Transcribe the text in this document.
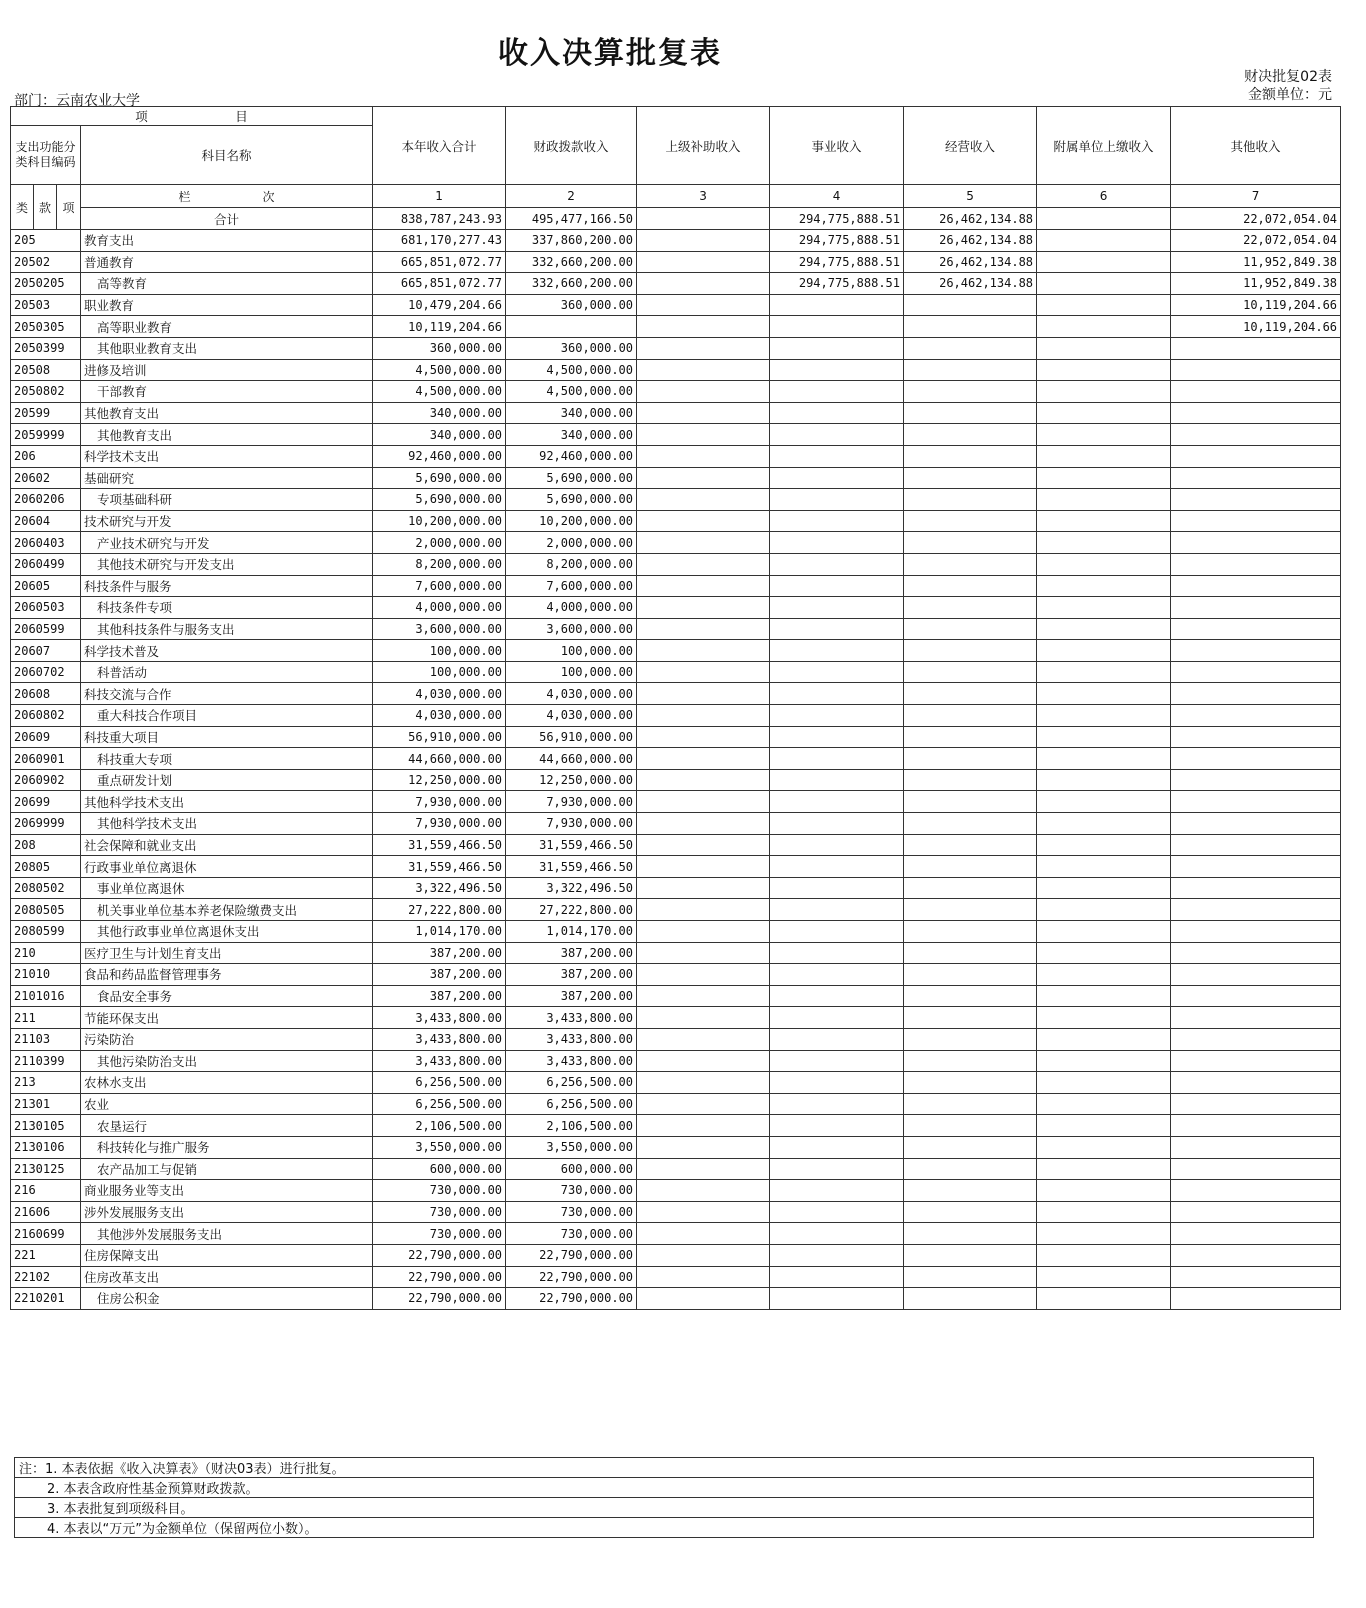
收入决算批复表
财决批复02表
金额单位：元
部门：云南农业大学
项　　　　　　　目				本年收入合计	财政拨款收入	上级补助收入	事业收入	经营收入	附属单位上缴收入	其他收入
支出功能分类科目编码			科目名称							
类	款	项	栏　　　　　　次	1	2	3	4	5	6	7
			合计	838,787,243.93	495,477,166.50		294,775,888.51	26,462,134.88		22,072,054.04
205			教育支出	681,170,277.43	337,860,200.00		294,775,888.51	26,462,134.88		22,072,054.04
20502			普通教育	665,851,072.77	332,660,200.00		294,775,888.51	26,462,134.88		11,952,849.38
2050205			高等教育	665,851,072.77	332,660,200.00		294,775,888.51	26,462,134.88		11,952,849.38
20503			职业教育	10,479,204.66	360,000.00					10,119,204.66
2050305			高等职业教育	10,119,204.66						10,119,204.66
2050399			其他职业教育支出	360,000.00	360,000.00					
20508			进修及培训	4,500,000.00	4,500,000.00					
2050802			干部教育	4,500,000.00	4,500,000.00					
20599			其他教育支出	340,000.00	340,000.00					
2059999			其他教育支出	340,000.00	340,000.00					
206			科学技术支出	92,460,000.00	92,460,000.00					
20602			基础研究	5,690,000.00	5,690,000.00					
2060206			专项基础科研	5,690,000.00	5,690,000.00					
20604			技术研究与开发	10,200,000.00	10,200,000.00					
2060403			产业技术研究与开发	2,000,000.00	2,000,000.00					
2060499			其他技术研究与开发支出	8,200,000.00	8,200,000.00					
20605			科技条件与服务	7,600,000.00	7,600,000.00					
2060503			科技条件专项	4,000,000.00	4,000,000.00					
2060599			其他科技条件与服务支出	3,600,000.00	3,600,000.00					
20607			科学技术普及	100,000.00	100,000.00					
2060702			科普活动	100,000.00	100,000.00					
20608			科技交流与合作	4,030,000.00	4,030,000.00					
2060802			重大科技合作项目	4,030,000.00	4,030,000.00					
20609			科技重大项目	56,910,000.00	56,910,000.00					
2060901			科技重大专项	44,660,000.00	44,660,000.00					
2060902			重点研发计划	12,250,000.00	12,250,000.00					
20699			其他科学技术支出	7,930,000.00	7,930,000.00					
2069999			其他科学技术支出	7,930,000.00	7,930,000.00					
208			社会保障和就业支出	31,559,466.50	31,559,466.50					
20805			行政事业单位离退休	31,559,466.50	31,559,466.50					
2080502			事业单位离退休	3,322,496.50	3,322,496.50					
2080505			机关事业单位基本养老保险缴费支出	27,222,800.00	27,222,800.00					
2080599			其他行政事业单位离退休支出	1,014,170.00	1,014,170.00					
210			医疗卫生与计划生育支出	387,200.00	387,200.00					
21010			食品和药品监督管理事务	387,200.00	387,200.00					
2101016			食品安全事务	387,200.00	387,200.00					
211			节能环保支出	3,433,800.00	3,433,800.00					
21103			污染防治	3,433,800.00	3,433,800.00					
2110399			其他污染防治支出	3,433,800.00	3,433,800.00					
213			农林水支出	6,256,500.00	6,256,500.00					
21301			农业	6,256,500.00	6,256,500.00					
2130105			农垦运行	2,106,500.00	2,106,500.00					
2130106			科技转化与推广服务	3,550,000.00	3,550,000.00					
2130125			农产品加工与促销	600,000.00	600,000.00					
216			商业服务业等支出	730,000.00	730,000.00					
21606			涉外发展服务支出	730,000.00	730,000.00					
2160699			其他涉外发展服务支出	730,000.00	730,000.00					
221			住房保障支出	22,790,000.00	22,790,000.00					
22102			住房改革支出	22,790,000.00	22,790,000.00					
2210201			住房公积金	22,790,000.00	22,790,000.00					
注：1. 本表依据《收入决算表》（财决03表）进行批复。
2. 本表含政府性基金预算财政拨款。
3. 本表批复到项级科目。
4. 本表以“万元”为金额单位（保留两位小数）。
